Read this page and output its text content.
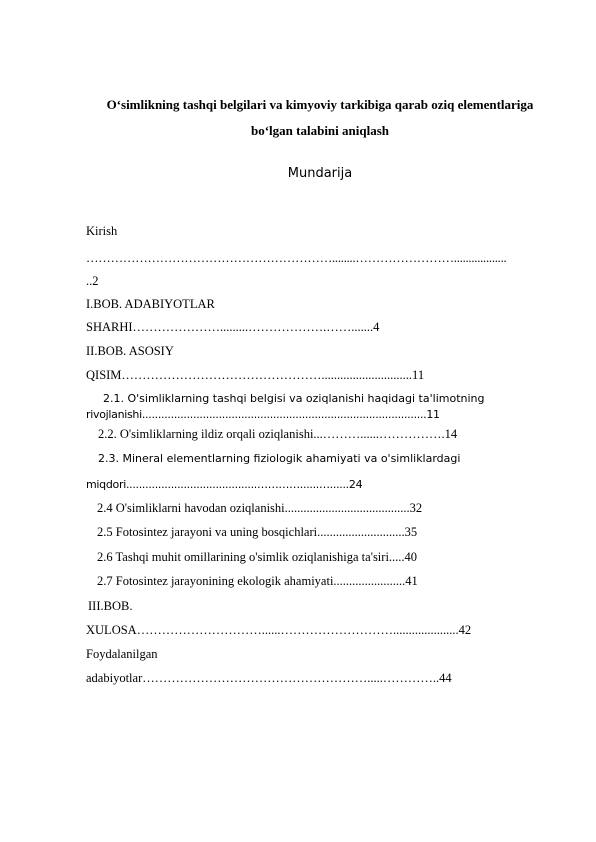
O‘simlikning tashqi belgilari va kimyoviy tarkibiga qarab oziq elementlariga
bo‘lgan talabini aniqlash
Mundarija
Kirish
……………………………………………………........……………………..................
..2
I.BOB. ADABIYOTLAR
SHARHI………………….........……………….…….......4
II.BOB. ASOSIY
QISIM………………………………………….............................11
2.1. O'simliklarning tashqi belgisi va oziqlanishi haqidagi ta'limotning
rivojlanishi.........................................................................................11
2.2. O'simliklarning ildiz orqali oziqlanishi...………......…………….14
2.3. Mineral elementlarning fiziologik ahamiyati va o'simliklardagi
miqdori.........................................…………......…......24
2.4 O'simliklarni havodan oziqlanishi........................................32
2.5 Fotosintez jarayoni va uning bosqichlari............................35
2.6 Tashqi muhit omillarining o'simlik oziqlanishiga ta'siri.....40
2.7 Fotosintez jarayonining ekologik ahamiyati.......................41
III.BOB.
XULOSA…………………………......……………………….....................42
Foydalanilgan
adabiyotlar……………………………………………….....…………..44
